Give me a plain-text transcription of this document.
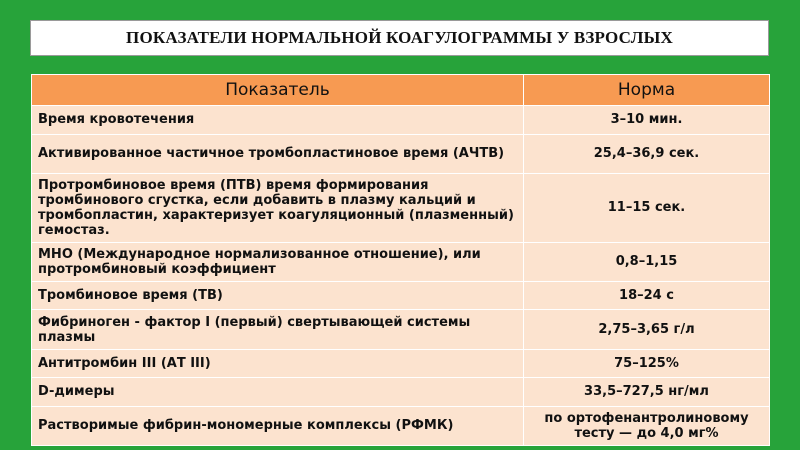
ПОКАЗАТЕЛИ НОРМАЛЬНОЙ КОАГУЛОГРАММЫ У ВЗРОСЛЫХ
Показатель	Норма
Время кровотечения	3–10 мин.
Активированное частичное тромбопластиновое время (АЧТВ)	25,4–36,9 сек.
Протромбиновое время (ПТВ) время формирования тромбинового сгустка, если добавить в плазму кальций и тромбопластин, характеризует коагуляционный (плазменный) гемостаз.	11–15 сек.
МНО (Международное нормализованное отношение), или протромбиновый коэффициент	0,8–1,15
Тромбиновое время (ТВ)	18–24 с
Фибриноген - фактор I (первый) свертывающей системы плазмы	2,75–3,65 г/л
Антитромбин III (АТ III)	75–125%
D-димеры	33,5–727,5 нг/мл
Растворимые фибрин-мономерные комплексы (РФМК)	по ортофенантролиновому тесту — до 4,0 мг%
